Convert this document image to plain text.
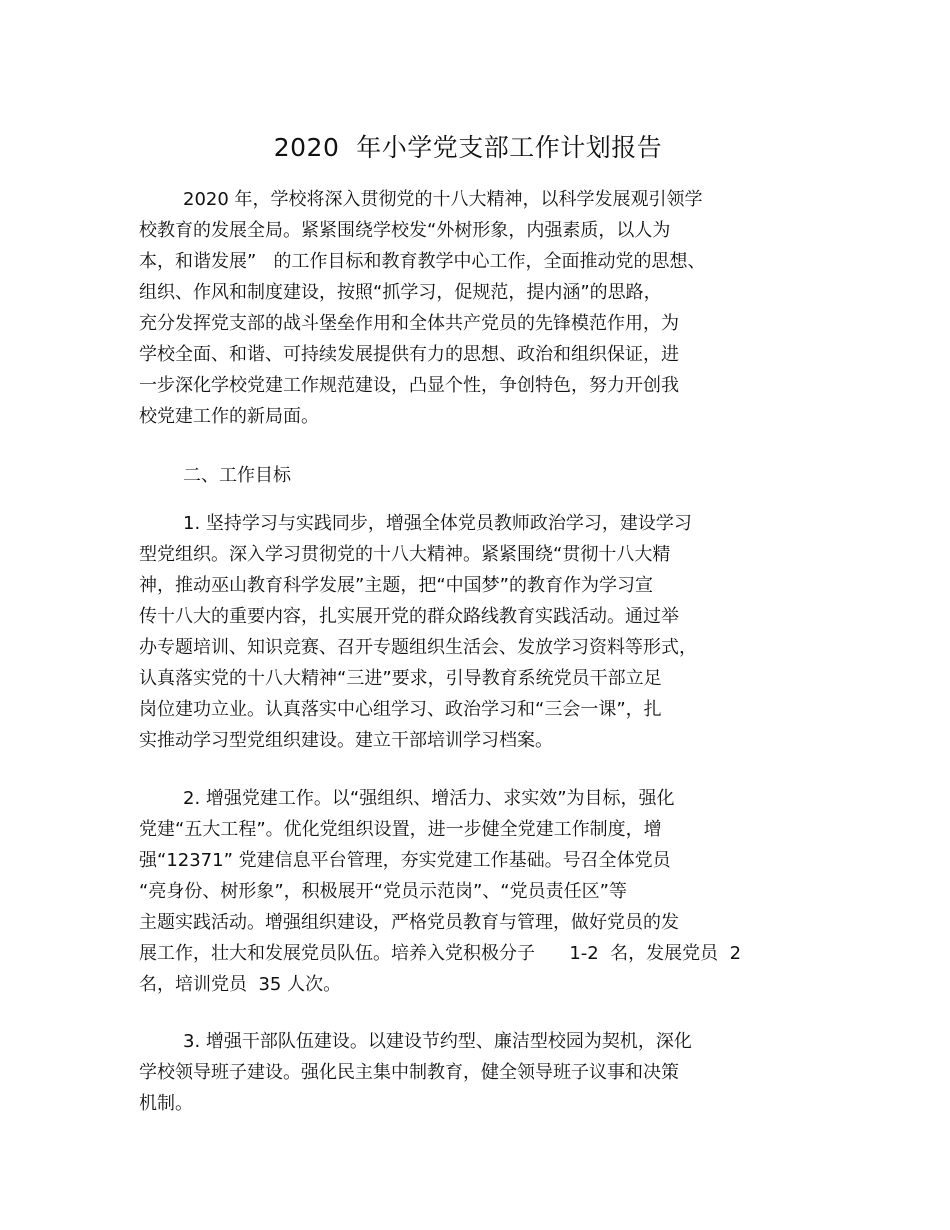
2020  年小学党支部工作计划报告
2020 年，学校将深入贯彻党的十八大精神，以科学发展观引领学
校教育的发展全局。紧紧围绕学校发“外树形象，内强素质，以人为
本，和谐发展”   的工作目标和教育教学中心工作，全面推动党的思想、
组织、作风和制度建设，按照“抓学习，促规范，提内涵”的思路，
充分发挥党支部的战斗堡垒作用和全体共产党员的先锋模范作用，为
学校全面、和谐、可持续发展提供有力的思想、政治和组织保证，进
一步深化学校党建工作规范建设，凸显个性，争创特色，努力开创我
校党建工作的新局面。
二、工作目标
1. 坚持学习与实践同步，增强全体党员教师政治学习，建设学习
型党组织。深入学习贯彻党的十八大精神。紧紧围绕“贯彻十八大精
神，推动巫山教育科学发展”主题，把“中国梦”的教育作为学习宣
传十八大的重要内容，扎实展开党的群众路线教育实践活动。通过举
办专题培训、知识竞赛、召开专题组织生活会、发放学习资料等形式，
认真落实党的十八大精神“三进”要求，引导教育系统党员干部立足
岗位建功立业。认真落实中心组学习、政治学习和“三会一课”，扎
实推动学习型党组织建设。建立干部培训学习档案。
2. 增强党建工作。以“强组织、增活力、求实效”为目标，强化
党建“五大工程”。优化党组织设置，进一步健全党建工作制度，增
强“12371” 党建信息平台管理，夯实党建工作基础。号召全体党员
“亮身份、树形象”，积极展开“党员示范岗”、“党员责任区”等
主题实践活动。增强组织建设，严格党员教育与管理，做好党员的发
展工作，壮大和发展党员队伍。培养入党积极分子      1-2  名，发展党员  2
名，培训党员  35 人次。
3. 增强干部队伍建设。以建设节约型、廉洁型校园为契机，深化
学校领导班子建设。强化民主集中制教育，健全领导班子议事和决策
机制。
